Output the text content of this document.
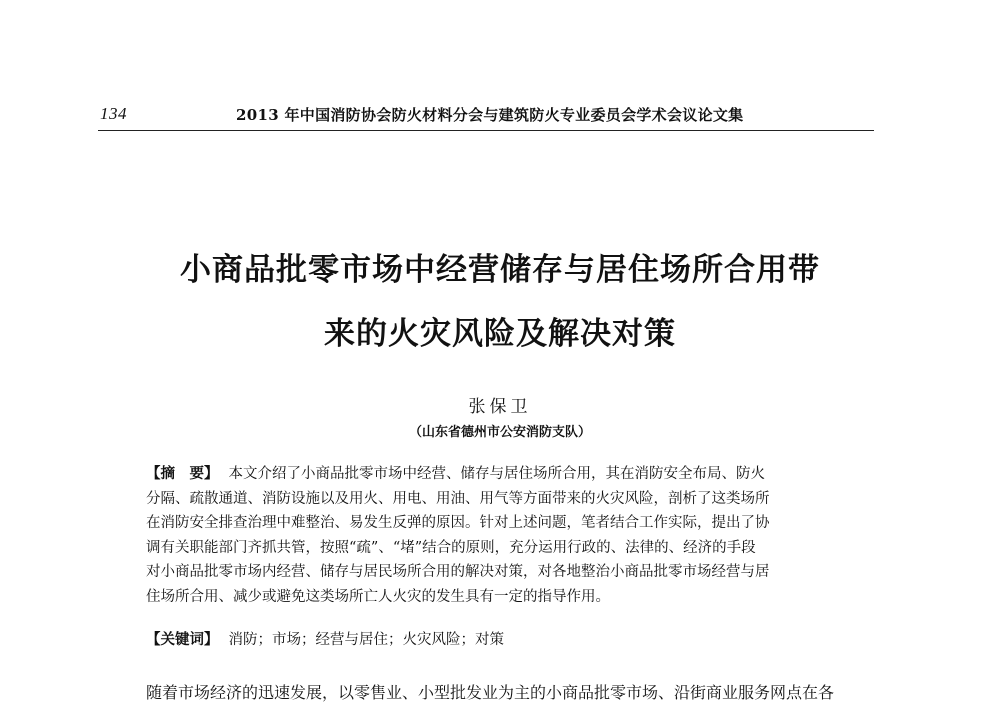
134	2013 年中国消防协会防火材料分会与建筑防火专业委员会学术会议论文集
小商品批零市场中经营储存与居住场所合用带
来的火灾风险及解决对策
张保卫
（山东省德州市公安消防支队）
【摘　要】 本文介绍了小商品批零市场中经营、储存与居住场所合用，其在消防安全布局、防火
分隔、疏散通道、消防设施以及用火、用电、用油、用气等方面带来的火灾风险，剖析了这类场所
在消防安全排查治理中难整治、易发生反弹的原因。针对上述问题，笔者结合工作实际，提出了协
调有关职能部门齐抓共管，按照“疏”、“堵”结合的原则，充分运用行政的、法律的、经济的手段
对小商品批零市场内经营、储存与居民场所合用的解决对策，对各地整治小商品批零市场经营与居
住场所合用、减少或避免这类场所亡人火灾的发生具有一定的指导作用。
【关键词】 消防；市场；经营与居住；火灾风险；对策
随着市场经济的迅速发展，以零售业、小型批发业为主的小商品批零市场、沿街商业服务网点在各
